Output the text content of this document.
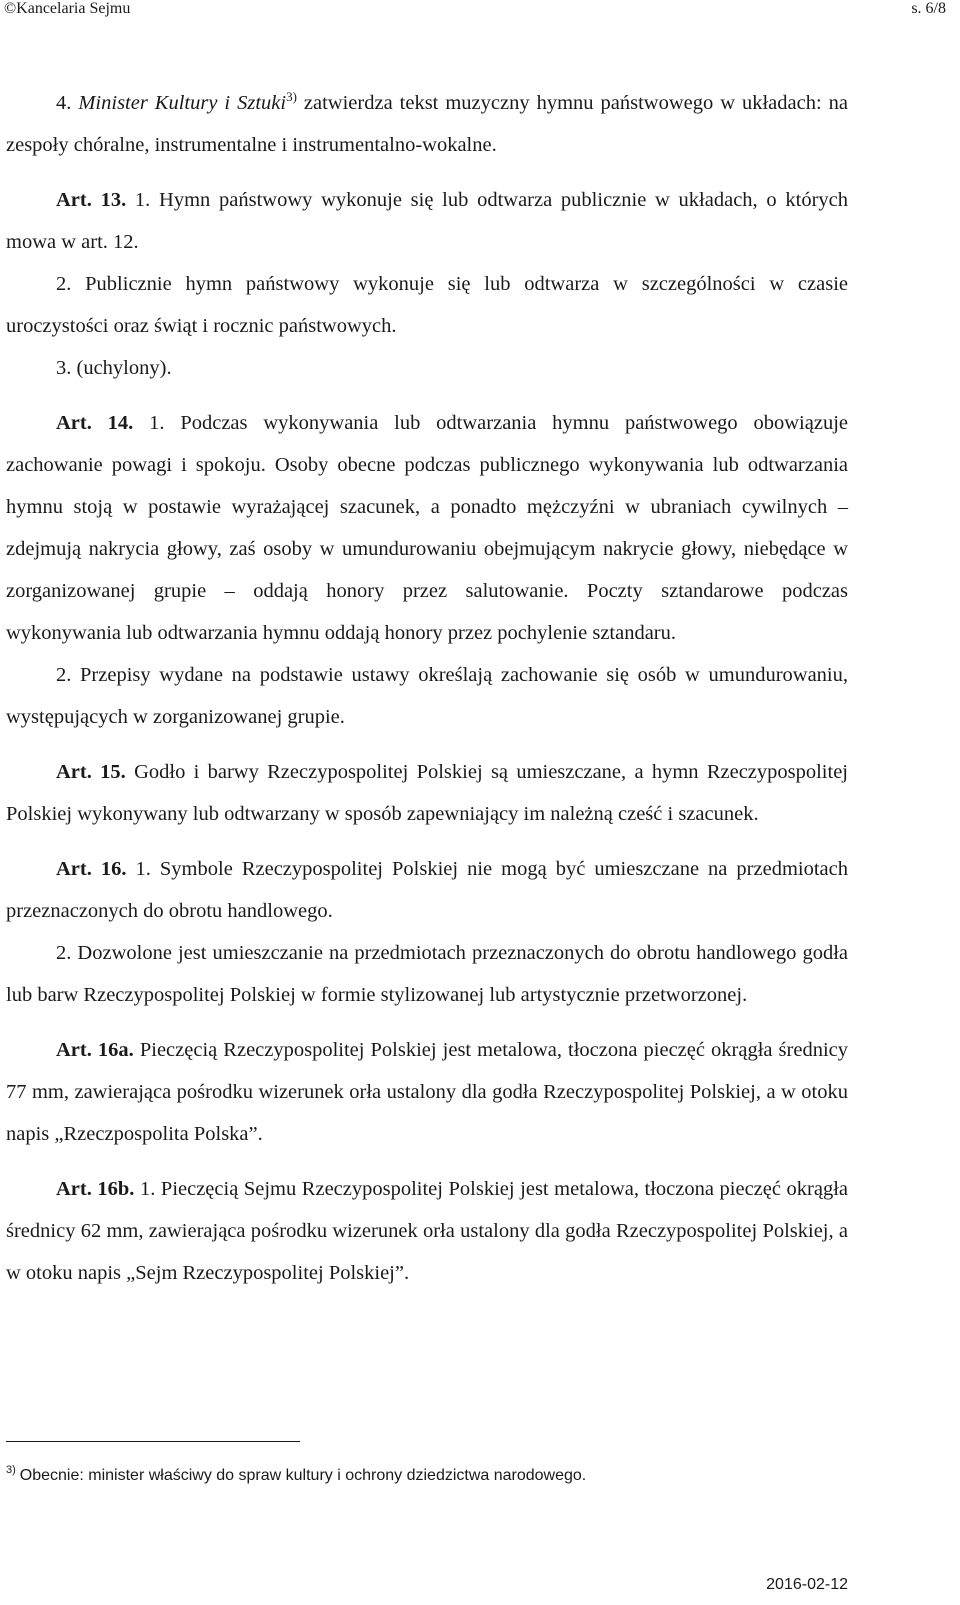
©Kancelaria Sejmu	s. 6/8

4. Minister Kultury i Sztuki$^{3)}$ zatwierdza tekst muzyczny hymnu państwowego w układach: na zespoły chóralne, instrumentalne i instrumentalno-wokalne.

Art. 13. 1. Hymn państwowy wykonuje się lub odtwarza publicznie w układach, o których mowa w art. 12.

2. Publicznie hymn państwowy wykonuje się lub odtwarza w szczególności w czasie uroczystości oraz świąt i rocznic państwowych.

3. (uchylony).

Art. 14. 1. Podczas wykonywania lub odtwarzania hymnu państwowego obowiązuje zachowanie powagi i spokoju. Osoby obecne podczas publicznego wykonywania lub odtwarzania hymnu stoją w postawie wyrażającej szacunek, a ponadto mężczyźni w ubraniach cywilnych – zdejmują nakrycia głowy, zaś osoby w umundurowaniu obejmującym nakrycie głowy, niebędące w zorganizowanej grupie – oddają honory przez salutowanie. Poczty sztandarowe podczas wykonywania lub odtwarzania hymnu oddają honory przez pochylenie sztandaru.

2. Przepisy wydane na podstawie ustawy określają zachowanie się osób w umundurowaniu, występujących w zorganizowanej grupie.

Art. 15. Godło i barwy Rzeczypospolitej Polskiej są umieszczane, a hymn Rzeczypospolitej Polskiej wykonywany lub odtwarzany w sposób zapewniający im należną cześć i szacunek.

Art. 16. 1. Symbole Rzeczypospolitej Polskiej nie mogą być umieszczane na przedmiotach przeznaczonych do obrotu handlowego.

2. Dozwolone jest umieszczanie na przedmiotach przeznaczonych do obrotu handlowego godła lub barw Rzeczypospolitej Polskiej w formie stylizowanej lub artystycznie przetworzonej.

Art. 16a. Pieczęcią Rzeczypospolitej Polskiej jest metalowa, tłoczona pieczęć okrągła średnicy 77 mm, zawierająca pośrodku wizerunek orła ustalony dla godła Rzeczypospolitej Polskiej, a w otoku napis „Rzeczpospolita Polska”.

Art. 16b. 1. Pieczęcią Sejmu Rzeczypospolitej Polskiej jest metalowa, tłoczona pieczęć okrągła średnicy 62 mm, zawierająca pośrodku wizerunek orła ustalony dla godła Rzeczypospolitej Polskiej, a w otoku napis „Sejm Rzeczypospolitej Polskiej”.

$^{3)}$ Obecnie: minister właściwy do spraw kultury i ochrony dziedzictwa narodowego.
2016-02-12
